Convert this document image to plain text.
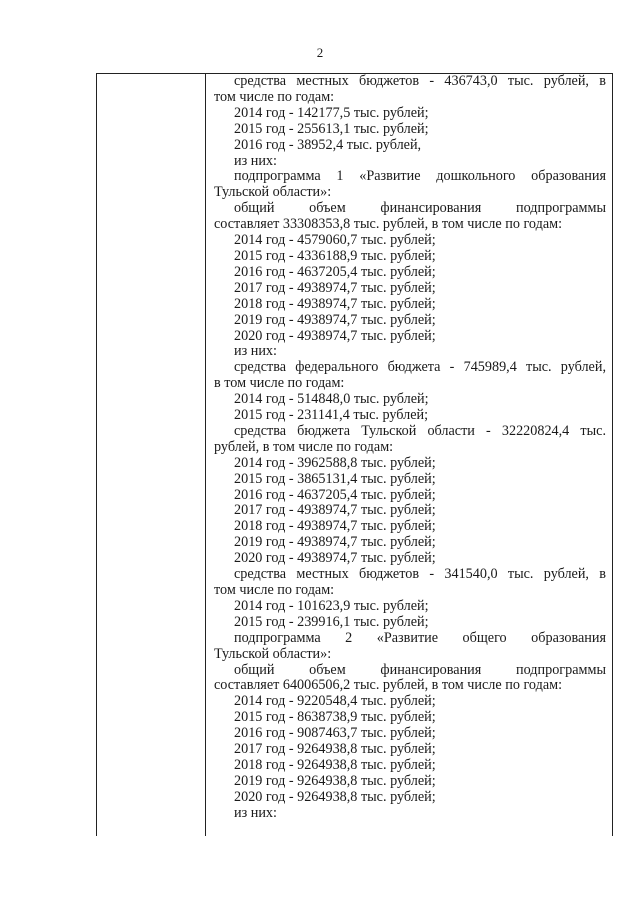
2
средства местных бюджетов - 436743,0 тыс. рублей, в
том числе по годам:
2014 год - 142177,5 тыс. рублей;
2015 год - 255613,1 тыс. рублей;
2016 год - 38952,4 тыс. рублей,
из них:
подпрограмма 1 «Развитие дошкольного образования
Тульской области»:
общий объем финансирования подпрограммы
составляет 33308353,8 тыс. рублей, в том числе по годам:
2014 год - 4579060,7 тыс. рублей;
2015 год - 4336188,9 тыс. рублей;
2016 год - 4637205,4 тыс. рублей;
2017 год - 4938974,7 тыс. рублей;
2018 год - 4938974,7 тыс. рублей;
2019 год - 4938974,7 тыс. рублей;
2020 год - 4938974,7 тыс. рублей;
из них:
средства федерального бюджета - 745989,4 тыс. рублей,
в том числе по годам:
2014 год - 514848,0 тыс. рублей;
2015 год - 231141,4 тыс. рублей;
средства бюджета Тульской области - 32220824,4 тыс.
рублей, в том числе по годам:
2014 год - 3962588,8 тыс. рублей;
2015 год - 3865131,4 тыс. рублей;
2016 год - 4637205,4 тыс. рублей;
2017 год - 4938974,7 тыс. рублей;
2018 год - 4938974,7 тыс. рублей;
2019 год - 4938974,7 тыс. рублей;
2020 год - 4938974,7 тыс. рублей;
средства местных бюджетов - 341540,0 тыс. рублей, в
том числе по годам:
2014 год - 101623,9 тыс. рублей;
2015 год - 239916,1 тыс. рублей;
подпрограмма 2 «Развитие общего образования
Тульской области»:
общий объем финансирования подпрограммы
составляет 64006506,2 тыс. рублей, в том числе по годам:
2014 год - 9220548,4 тыс. рублей;
2015 год - 8638738,9 тыс. рублей;
2016 год - 9087463,7 тыс. рублей;
2017 год - 9264938,8 тыс. рублей;
2018 год - 9264938,8 тыс. рублей;
2019 год - 9264938,8 тыс. рублей;
2020 год - 9264938,8 тыс. рублей;
из них:
